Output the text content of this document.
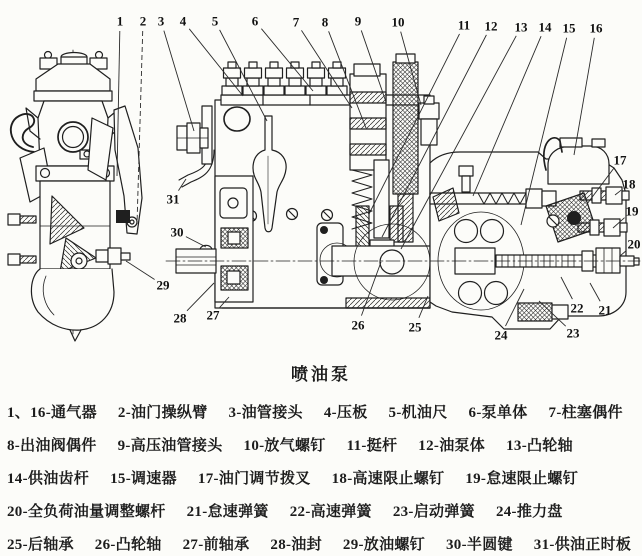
1 2 3 4 5	6	7 8 9 10	11 12 13 14 15 16
17
18
19
20
21
22
23
24
25
26
27
28
29
30
31
喷油泵
1、16-通气器 2-油门操纵臂 3-油管接头 4-压板 5-机油尺 6-泵单体 7-柱塞偶件
8-出油阀偶件 9-高压油管接头 10-放气螺钉 11-挺杆 12-油泵体 13-凸轮轴
14-供油齿杆 15-调速器 17-油门调节拨叉 18-高速限止螺钉 19-怠速限止螺钉
20-全负荷油量调整螺杆 21-怠速弹簧 22-高速弹簧 23-启动弹簧 24-推力盘
25-后轴承 26-凸轮轴 27-前轴承 28-油封 29-放油螺钉 30-半圆键 31-供油正时板
